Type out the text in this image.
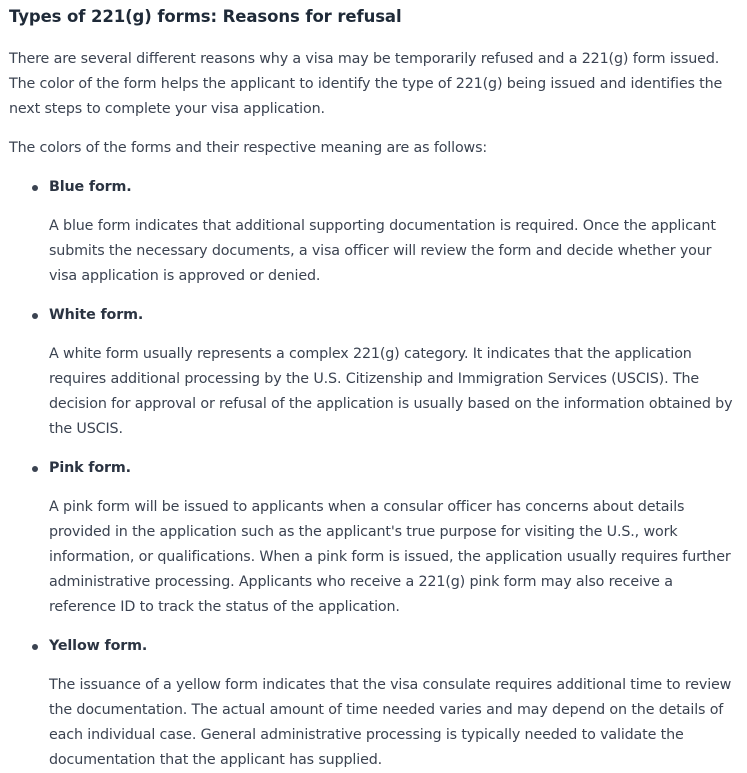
Types of 221(g) forms: Reasons for refusal

There are several different reasons why a visa may be temporarily refused and a 221(g) form issued. The color of the form helps the applicant to identify the type of 221(g) being issued and identifies the next steps to complete your visa application.

The colors of the forms and their respective meaning are as follows:

Blue form.

A blue form indicates that additional supporting documentation is required. Once the applicant submits the necessary documents, a visa officer will review the form and decide whether your visa application is approved or denied.

White form.

A white form usually represents a complex 221(g) category. It indicates that the application requires additional processing by the U.S. Citizenship and Immigration Services (USCIS). The decision for approval or refusal of the application is usually based on the information obtained by the USCIS.

Pink form.

A pink form will be issued to applicants when a consular officer has concerns about details provided in the application such as the applicant's true purpose for visiting the U.S., work information, or qualifications. When a pink form is issued, the application usually requires further administrative processing. Applicants who receive a 221(g) pink form may also receive a reference ID to track the status of the application.

Yellow form.

The issuance of a yellow form indicates that the visa consulate requires additional time to review the documentation. The actual amount of time needed varies and may depend on the details of each individual case. General administrative processing is typically needed to validate the documentation that the applicant has supplied.
